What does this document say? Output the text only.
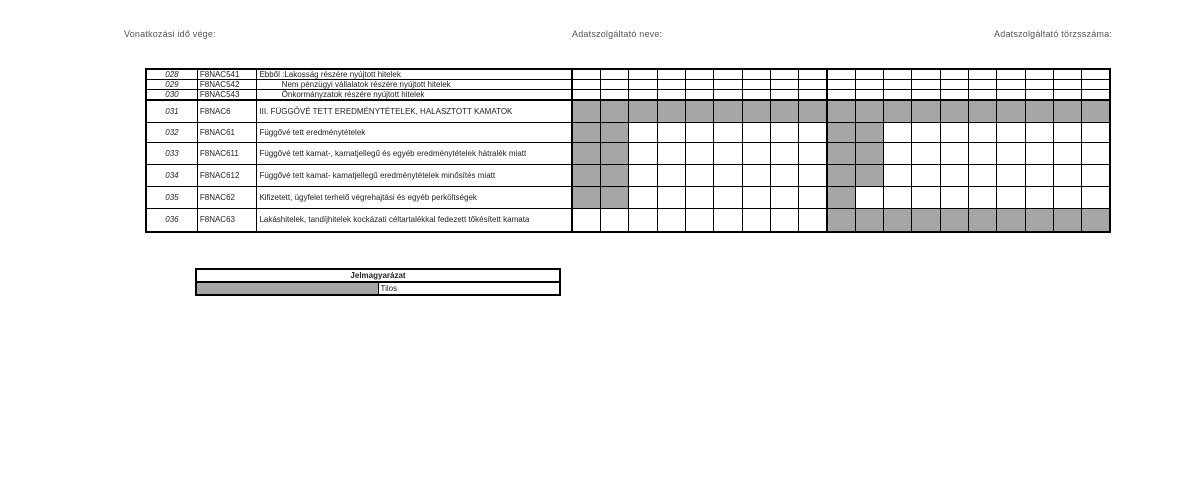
Vonatkozási idő vége:	Adatszolgáltató neve:	Adatszolgáltató törzsszáma:
028	F8NAC541	Ebből :Lakosság részére nyújtott hitelek																			
029	F8NAC542	Nem pénzügyi vállalatok részére nyújtott hitelek																			
030	F8NAC543	Önkormányzatok részére nyújtott hitelek																			
031	F8NAC6	III. FÜGGŐVÉ TETT EREDMÉNYTÉTELEK, HALASZTOTT KAMATOK																			
032	F8NAC61	Függővé tett eredménytételek																			
033	F8NAC611	Függővé tett kamat-, kamatjellegű és egyéb eredménytételek hátralék miatt																			
034	F8NAC612	Függővé tett kamat- kamatjellegű eredménytételek minősítés miatt																			
035	F8NAC62	Kifizetett, ügyfelet terhelő végrehajtási és egyéb perköltségek																			
036	F8NAC63	Lakáshitelek, tandíjhitelek kockázati céltartalékkal fedezett tőkésített kamata																			
Jelmagyarázat
	Tilos
